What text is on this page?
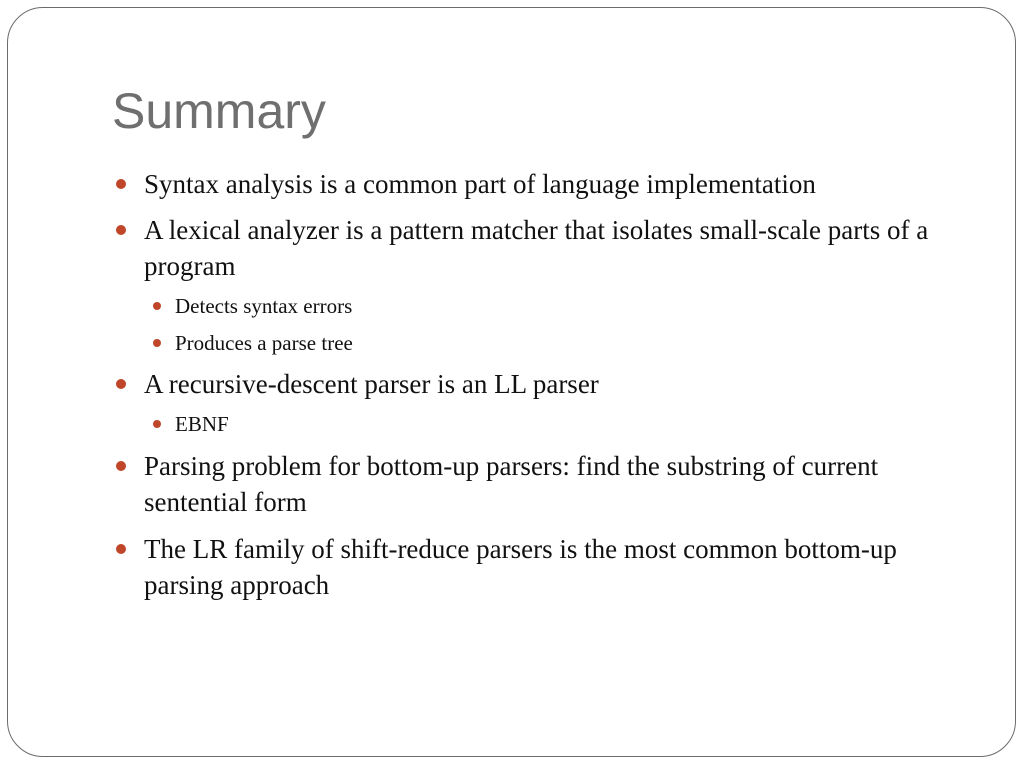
Summary
Syntax analysis is a common part of language implementation
A lexical analyzer is a pattern matcher that isolates small-scale parts of a program
Detects syntax errors
Produces a parse tree
A recursive-descent parser is an LL parser
EBNF
Parsing problem for bottom-up parsers: find the substring of current sentential form
The LR family of shift-reduce parsers is the most common bottom-up parsing approach
